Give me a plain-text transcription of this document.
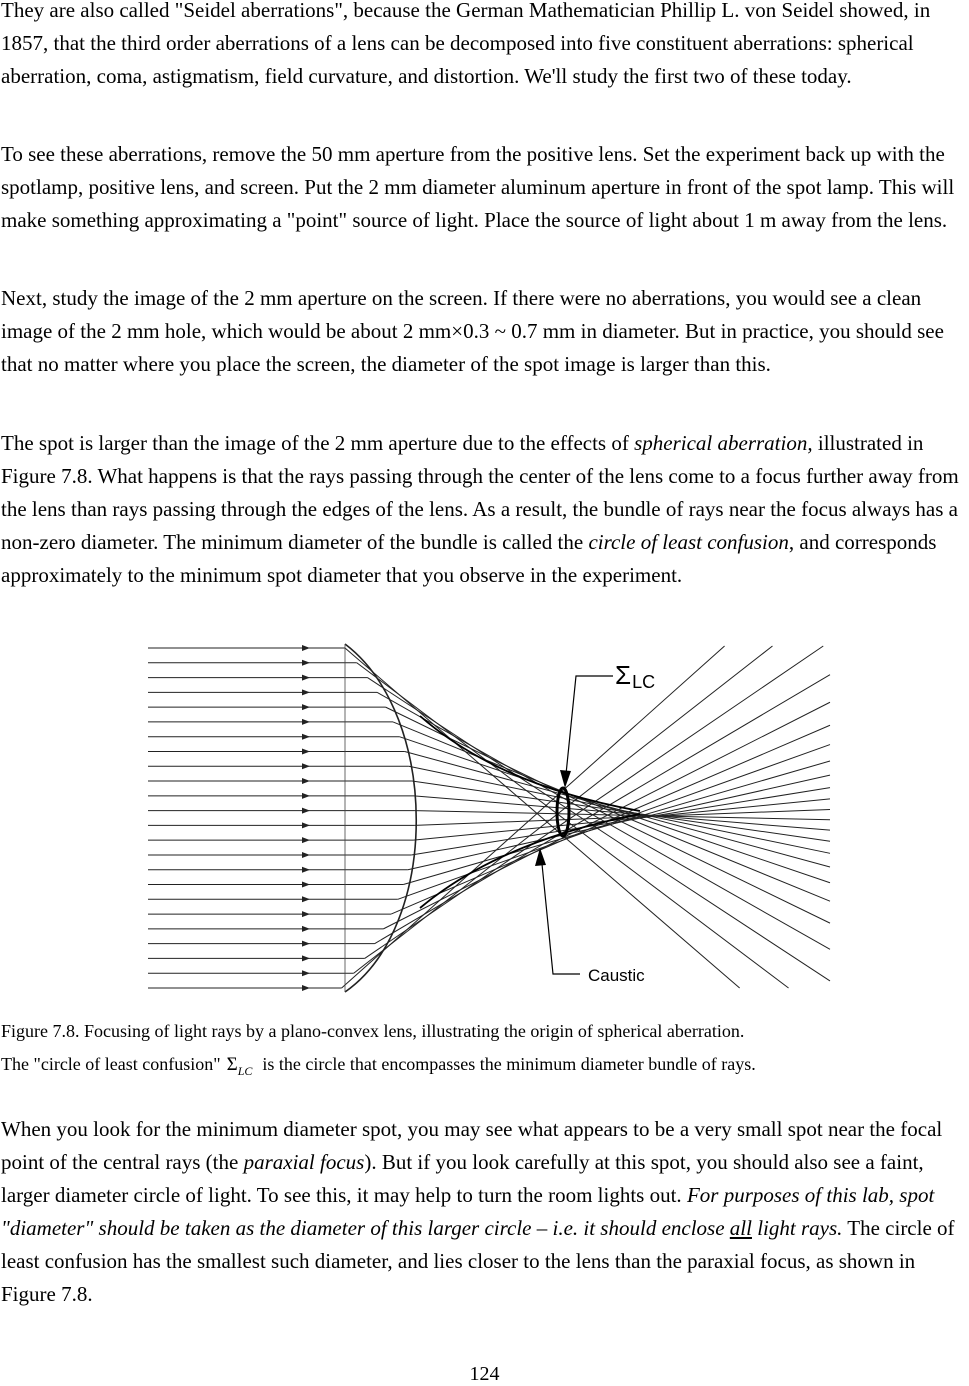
They are also called "Seidel aberrations", because the German Mathematician Phillip L. von Seidel showed, in 1857, that the third order aberrations of a lens can be decomposed into five constituent aberrations: spherical aberration, coma, astigmatism, field curvature, and distortion. We'll study the first two of these today.

To see these aberrations, remove the 50 mm aperture from the positive lens. Set the experiment back up with the spotlamp, positive lens, and screen. Put the 2 mm diameter aluminum aperture in front of the spot lamp. This will make something approximating a "point" source of light. Place the source of light about 1 m away from the lens.

Next, study the image of the 2 mm aperture on the screen. If there were no aberrations, you would see a clean image of the 2 mm hole, which would be about 2 mm×0.3 ~ 0.7 mm in diameter. But in practice, you should see that no matter where you place the screen, the diameter of the spot image is larger than this.

The spot is larger than the image of the 2 mm aperture due to the effects of spherical aberration, illustrated in Figure 7.8. What happens is that the rays passing through the center of the lens come to a focus further away from the lens than rays passing through the edges of the lens. As a result, the bundle of rays near the focus always has a non-zero diameter. The minimum diameter of the bundle is called the circle of least confusion, and corresponds approximately to the minimum spot diameter that you observe in the experiment.

ΣLC
Caustic
Figure 7.8. Focusing of light rays by a plano-convex lens, illustrating the origin of spherical aberration.
The "circle of least confusion" $\Sigma_{LC}$ is the circle that encompasses the minimum diameter bundle of rays.

When you look for the minimum diameter spot, you may see what appears to be a very small spot near the focal point of the central rays (the paraxial focus). But if you look carefully at this spot, you should also see a faint, larger diameter circle of light. To see this, it may help to turn the room lights out. For purposes of this lab, spot "diameter" should be taken as the diameter of this larger circle – i.e. it should enclose all light rays. The circle of least confusion has the smallest such diameter, and lies closer to the lens than the paraxial focus, as shown in Figure 7.8.

124
